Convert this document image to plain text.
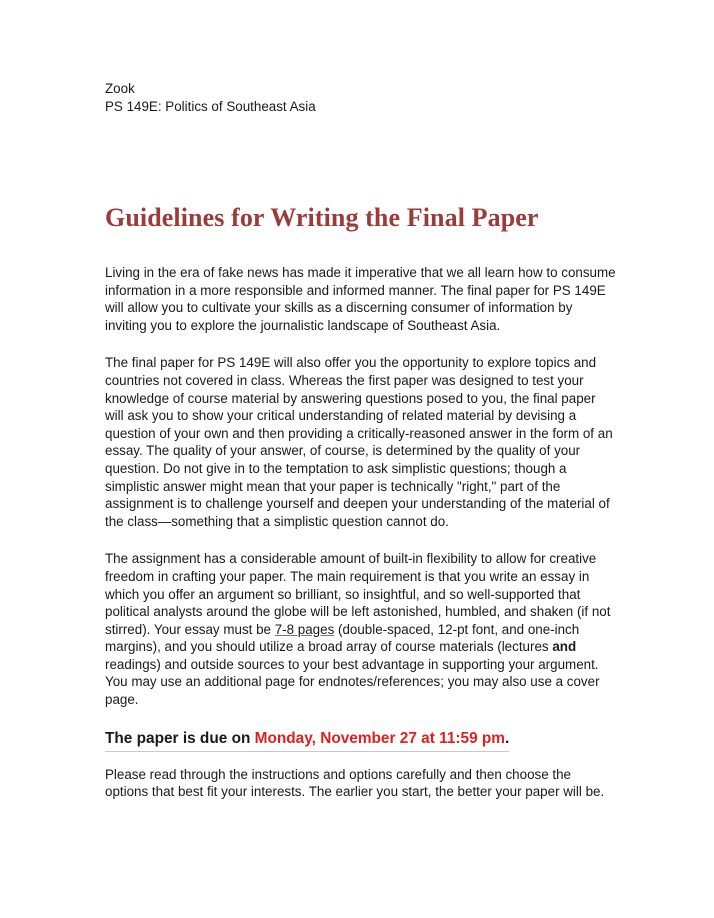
Zook

PS 149E: Politics of Southeast Asia

Guidelines for Writing the Final Paper

Living in the era of fake news has made it imperative that we all learn how to consume information in a more responsible and informed manner. The final paper for PS 149E will allow you to cultivate your skills as a discerning consumer of information by inviting you to explore the journalistic landscape of Southeast Asia.

The final paper for PS 149E will also offer you the opportunity to explore topics and countries not covered in class. Whereas the first paper was designed to test your knowledge of course material by answering questions posed to you, the final paper will ask you to show your critical understanding of related material by devising a question of your own and then providing a critically-reasoned answer in the form of an essay. The quality of your answer, of course, is determined by the quality of your question. Do not give in to the temptation to ask simplistic questions; though a simplistic answer might mean that your paper is technically "right," part of the assignment is to challenge yourself and deepen your understanding of the material of the class—something that a simplistic question cannot do.

The assignment has a considerable amount of built-in flexibility to allow for creative freedom in crafting your paper. The main requirement is that you write an essay in which you offer an argument so brilliant, so insightful, and so well-supported that political analysts around the globe will be left astonished, humbled, and shaken (if not stirred). Your essay must be 7-8 pages (double-spaced, 12-pt font, and one-inch margins), and you should utilize a broad array of course materials (lectures and readings) and outside sources to your best advantage in supporting your argument. You may use an additional page for endnotes/references; you may also use a cover page.

The paper is due on Monday, November 27 at 11:59 pm.

Please read through the instructions and options carefully and then choose the options that best fit your interests. The earlier you start, the better your paper will be.
